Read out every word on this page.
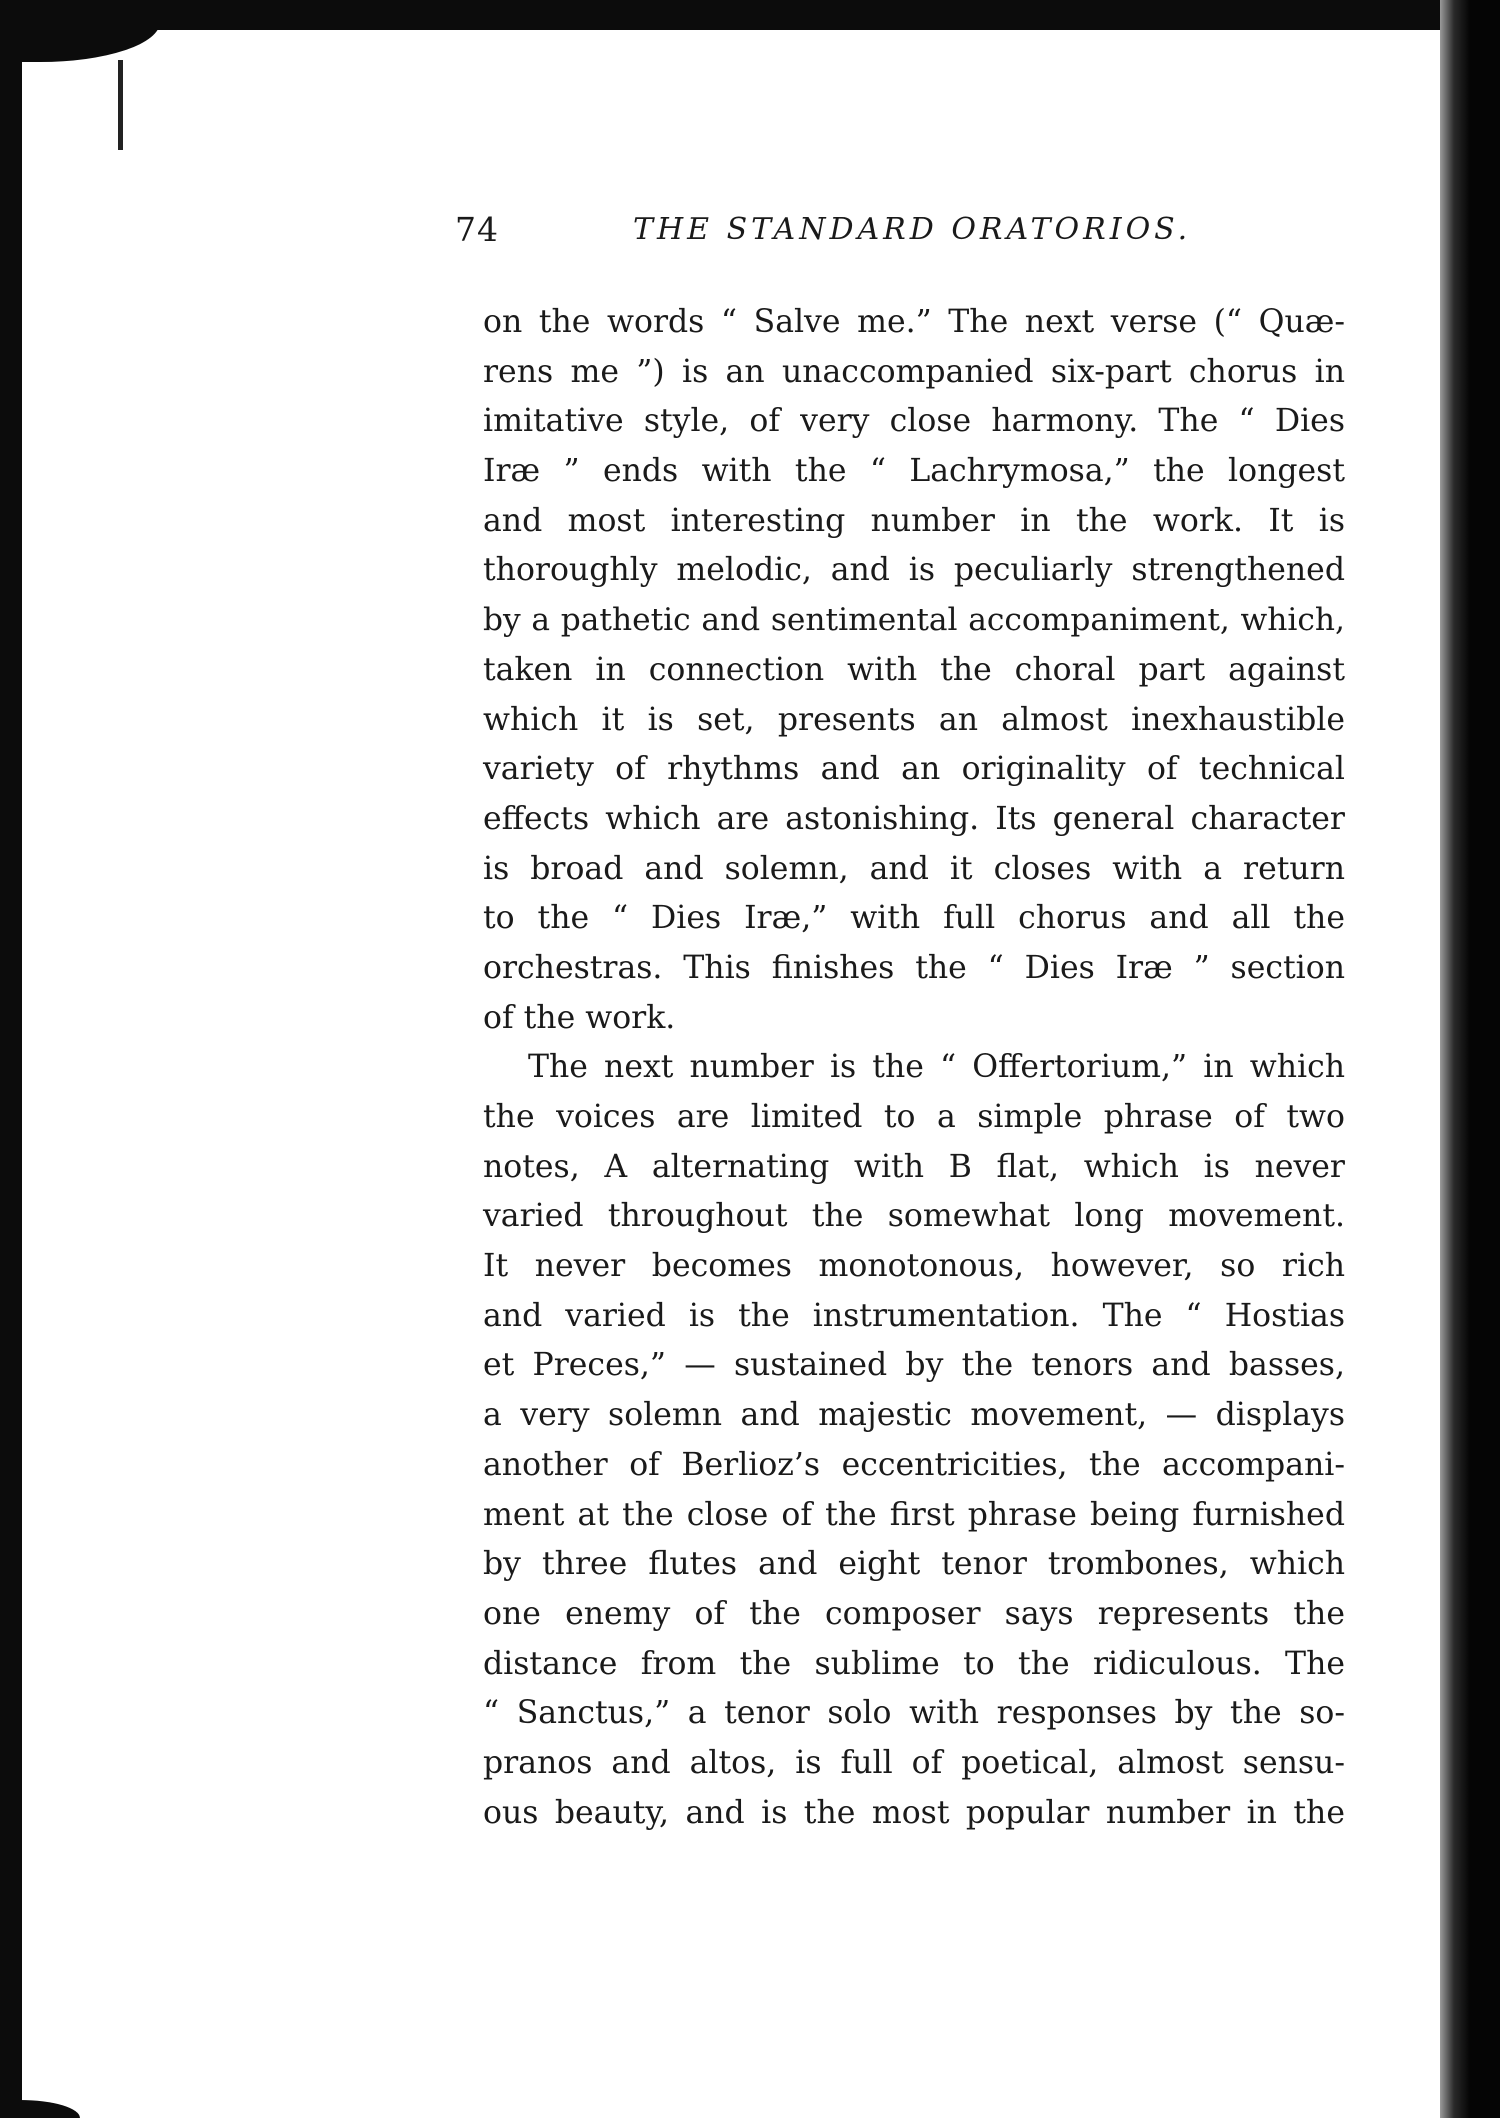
74	THE STANDARD ORATORIOS.
on the words “ Salve me.” The next verse (“ Quæ-
rens me ”) is an unaccompanied six-part chorus in
imitative style, of very close harmony. The “ Dies
Iræ ” ends with the “ Lachrymosa,” the longest
and most interesting number in the work. It is
thoroughly melodic, and is peculiarly strengthened
by a pathetic and sentimental accompaniment, which,
taken in connection with the choral part against
which it is set, presents an almost inexhaustible
variety of rhythms and an originality of technical
effects which are astonishing. Its general character
is broad and solemn, and it closes with a return
to the “ Dies Iræ,” with full chorus and all the
orchestras. This finishes the “ Dies Iræ ” section
of the work.
The next number is the “ Offertorium,” in which
the voices are limited to a simple phrase of two
notes, A alternating with B flat, which is never
varied throughout the somewhat long movement.
It never becomes monotonous, however, so rich
and varied is the instrumentation. The “ Hostias
et Preces,” — sustained by the tenors and basses,
a very solemn and majestic movement, — displays
another of Berlioz’s eccentricities, the accompani-
ment at the close of the first phrase being furnished
by three flutes and eight tenor trombones, which
one enemy of the composer says represents the
distance from the sublime to the ridiculous. The
“ Sanctus,” a tenor solo with responses by the so-
pranos and altos, is full of poetical, almost sensu-
ous beauty, and is the most popular number in the
